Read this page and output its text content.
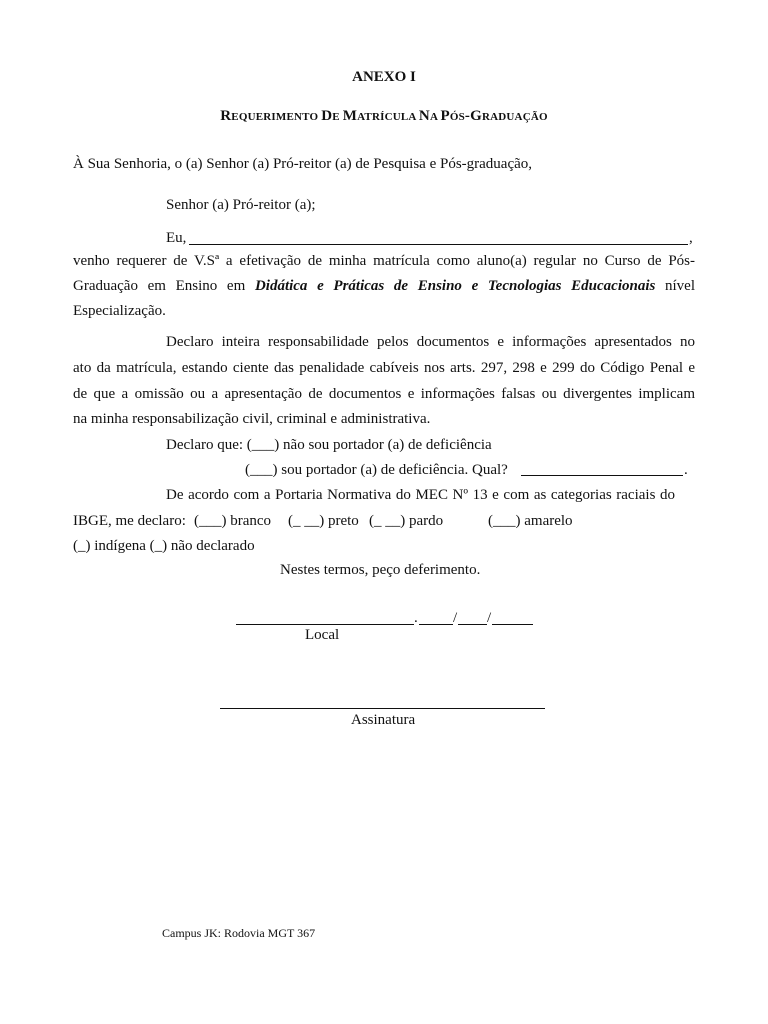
ANEXO I
REQUERIMENTO DE MATRÍCULA NA PÓS-GRADUAÇÃO
À Sua Senhoria, o (a) Senhor (a) Pró-reitor (a) de Pesquisa e Pós-graduação,
Senhor (a) Pró-reitor (a);
Eu,	,
venho requerer de V.Sª a efetivação de minha matrícula como aluno(a) regular no Curso de Pós-
Graduação em Ensino em Didática e Práticas de Ensino e Tecnologias Educacionais nível
Especialização.
Declaro inteira responsabilidade pelos documentos e informações apresentados no
ato da matrícula, estando ciente das penalidade cabíveis nos arts. 297, 298 e 299 do Código Penal e
de que a omissão ou a apresentação de documentos e informações falsas ou divergentes implicam
na minha responsabilização civil, criminal e administrativa.
Declaro que: (___) não sou portador (a) de deficiência
(___) sou portador (a) de deficiência. Qual?	.
De acordo com a Portaria Normativa do MEC Nº 13 e com as categorias raciais do
IBGE, me declaro: (___) branco (_ __) preto (_ __) pardo	(___) amarelo
(_) indígena (_) não declarado
Nestes termos, peço deferimento.
. / /
Local
Assinatura
Campus JK: Rodovia MGT 367
